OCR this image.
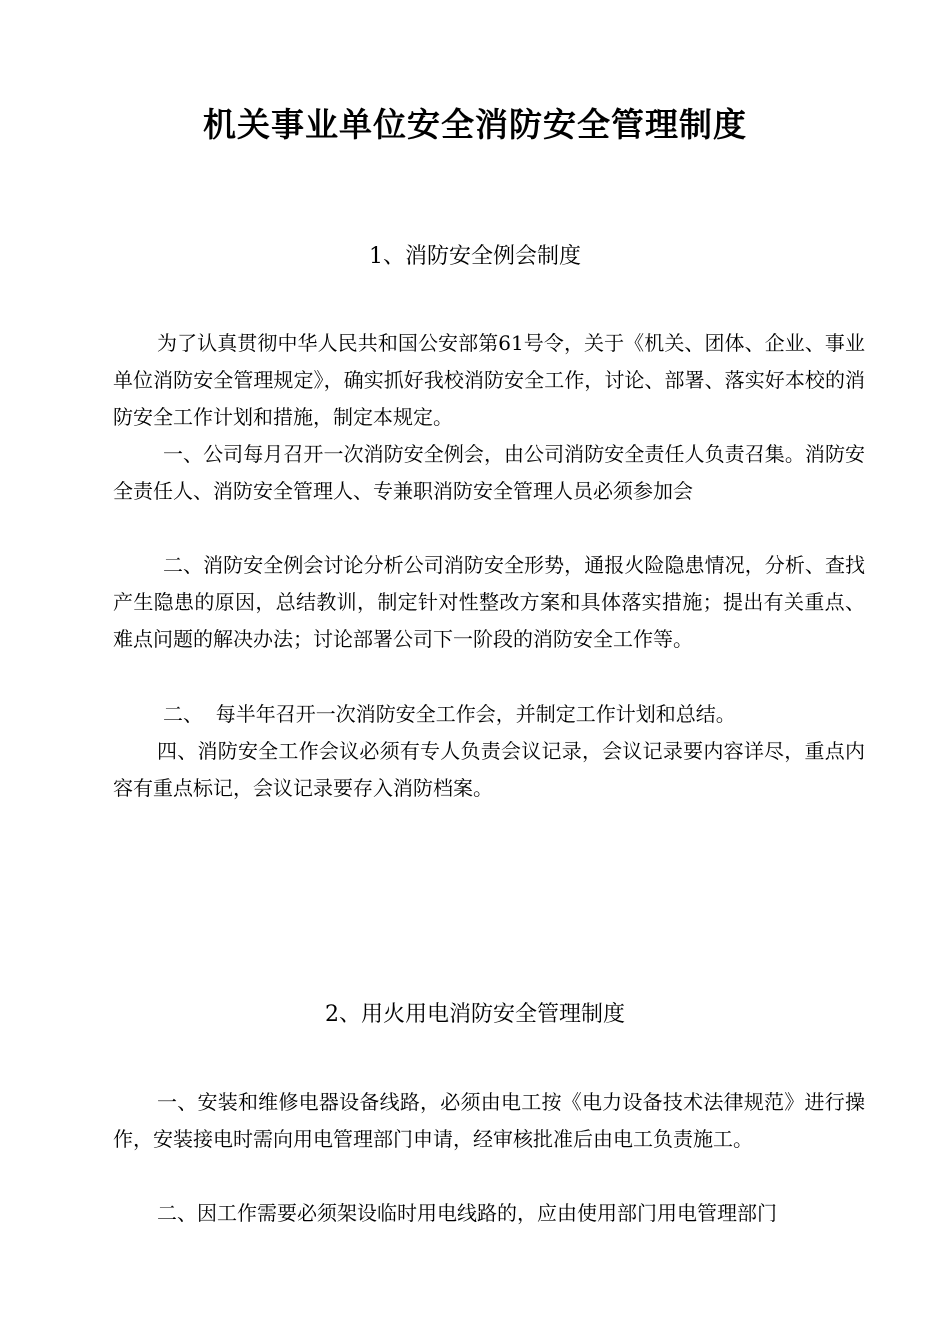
机关事业单位安全消防安全管理制度
1、消防安全例会制度

为了认真贯彻中华人民共和国公安部第61号令，关于《机关、团体、企业、事业单位消防安全管理规定》，确实抓好我校消防安全工作，讨论、部署、落实好本校的消防安全工作计划和措施，制定本规定。

一、公司每月召开一次消防安全例会，由公司消防安全责任人负责召集。消防安全责任人、消防安全管理人、专兼职消防安全管理人员必须参加会

二、消防安全例会讨论分析公司消防安全形势，通报火险隐患情况，分析、查找产生隐患的原因，总结教训，制定针对性整改方案和具体落实措施；提出有关重点、难点问题的解决办法；讨论部署公司下一阶段的消防安全工作等。

二、  每半年召开一次消防安全工作会，并制定工作计划和总结。

四、消防安全工作会议必须有专人负责会议记录，会议记录要内容详尽，重点内容有重点标记，会议记录要存入消防档案。

2、用火用电消防安全管理制度

一、安装和维修电器设备线路，必须由电工按《电力设备技术法律规范》进行操作，安装接电时需向用电管理部门申请，经审核批准后由电工负责施工。

二、因工作需要必须架设临时用电线路的，应由使用部门用电管理部门
